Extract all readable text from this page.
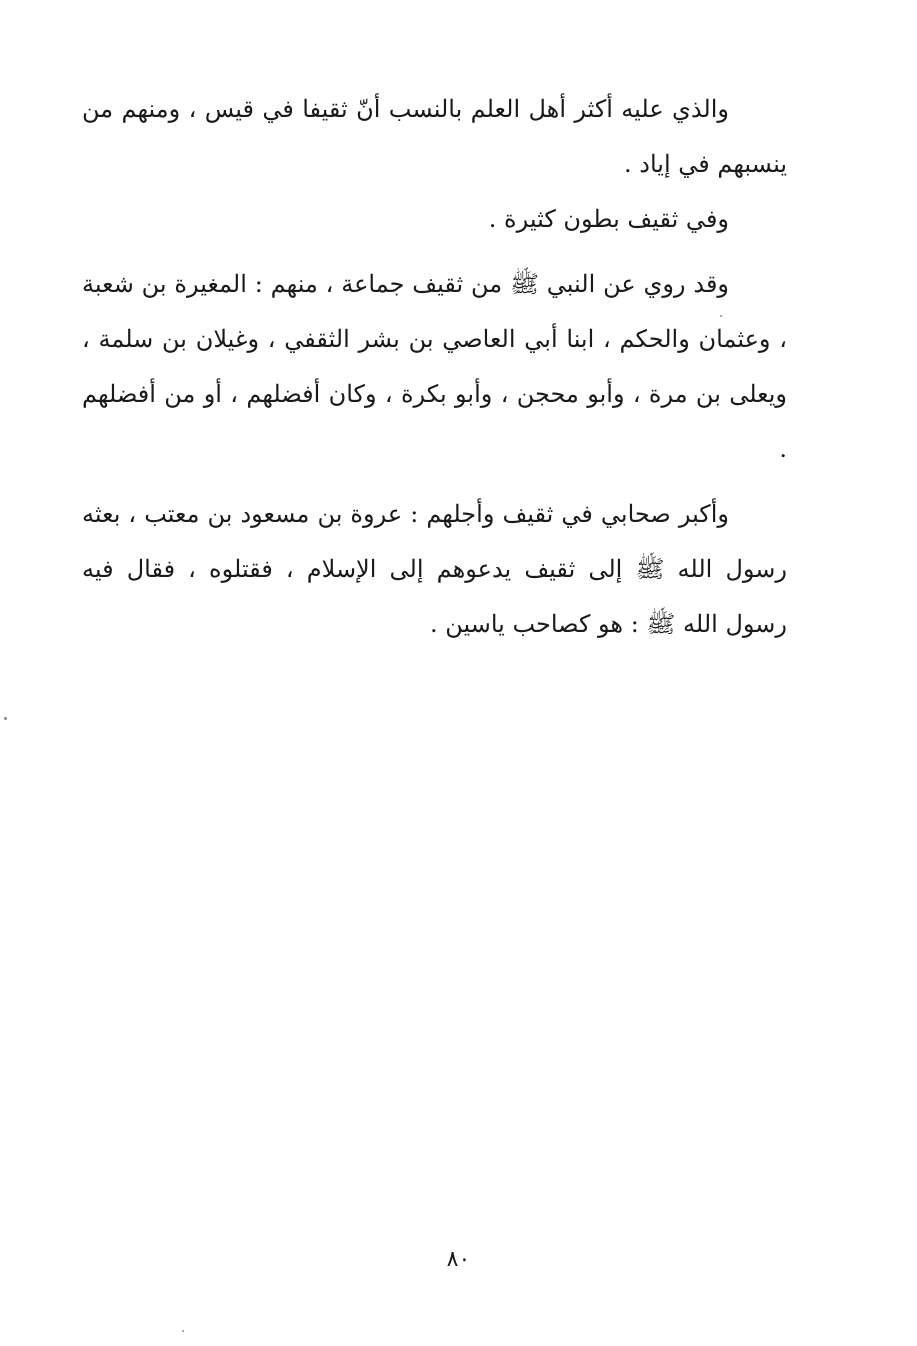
والذي عليه أكثر أهل العلم بالنسب أنّ ثقيفا في قيس ، ومنهم من ينسبهم في إياد .

وفي ثقيف بطون كثيرة .

وقد روي عن النبي ﷺ من ثقيف جماعة ، منهم : المغيرة بن شعبة ، وعثمان والحكم ، ابنا أبي العاصي بن بشر الثقفي ، وغيلان بن سلمة ، ويعلى بن مرة ، وأبو محجن ، وأبو بكرة ، وكان أفضلهم ، أو من أفضلهم .

وأكبر صحابي في ثقيف وأجلهم : عروة بن مسعود بن معتب ، بعثه رسول الله ﷺ إلى ثقيف يدعوهم إلى الإسلام ، فقتلوه ، فقال فيه رسول الله ﷺ : هو كصاحب ياسين .

٨٠
